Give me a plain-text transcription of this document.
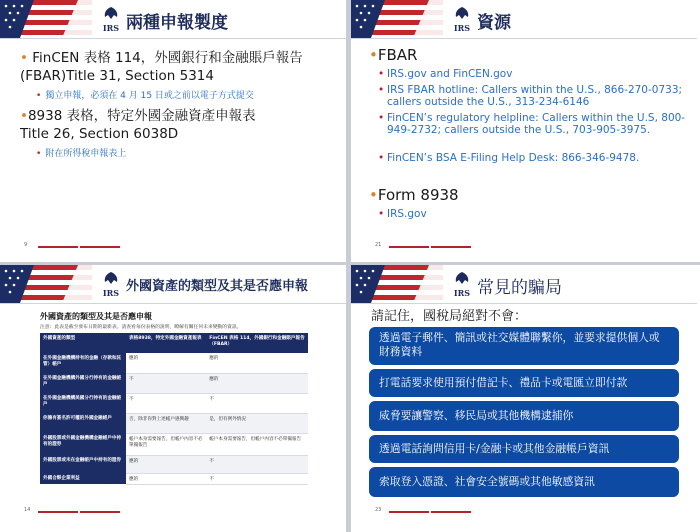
IRS 兩種申報製度
• FinCEN 表格 114，外國銀行和金融賬戶報告
(FBAR)Title 31, Section 5314
• 獨立申報，必須在 4 月 15 日或之前以電子方式提交
•8938 表格，特定外國金融資產申報表
Title 26, Section 6038D
• 附在所得稅申報表上
9
IRS 資源
•FBAR
• IRS.gov and FinCEN.gov
• IRS FBAR hotline: Callers within the U.S., 866-270-0733; callers outside the U.S., 313-234-6146
• FinCEN’s regulatory helpline: Callers within the U.S, 800-949-2732; callers outside the U.S., 703-905-3975.
• FinCEN’s BSA E-Filing Help Desk: 866-346-9478.
•Form 8938
• IRS.gov
21
IRS 外國資產的類型及其是否應申報
外國資產的類型及其是否應申報
注意：此表是截至發布日期的最新表。請查看每份表格的說明，瞭解有關任何未來變動的資訊。
外國資產的類型	表格8938，特定外國金融資產報表	FinCEN 表格 114，外國銀行和金融賬戶報告（FBAR）
在外國金融機構持有的金融（存款和託管）帳戶	應的	應的
在外國金融機構外國分行持有的金融帳戶	不	應的
在外國金融機構美國分行持有的金融帳戶	不	不
你擁有簽名許可權的外國金融帳戶	否，除非你對上述帳戶感興趣	是，但有例外情況
外國股票或外國金融機構金融帳戶中持有的證券	帳戶本身需要報告，但帳戶內容不必單獨報告	帳戶本身需要報告，但帳戶內容不必單獨報告
外國股票或未在金融帳戶中持有的證券	應的	不
外國合夥企業利益	應的	不
14
IRS 常見的騙局
請記住，國稅局絕對不會：
透過電子郵件、簡訊或社交媒體聯繫你，並要求提供個人或財務資料
打電話要求使用預付借記卡、禮品卡或電匯立即付款
威脅要讓警察、移民局或其他機構逮捕你
透過電話詢問信用卡/金融卡或其他金融帳戶資訊
索取登入憑證、社會安全號碼或其他敏感資訊
23
